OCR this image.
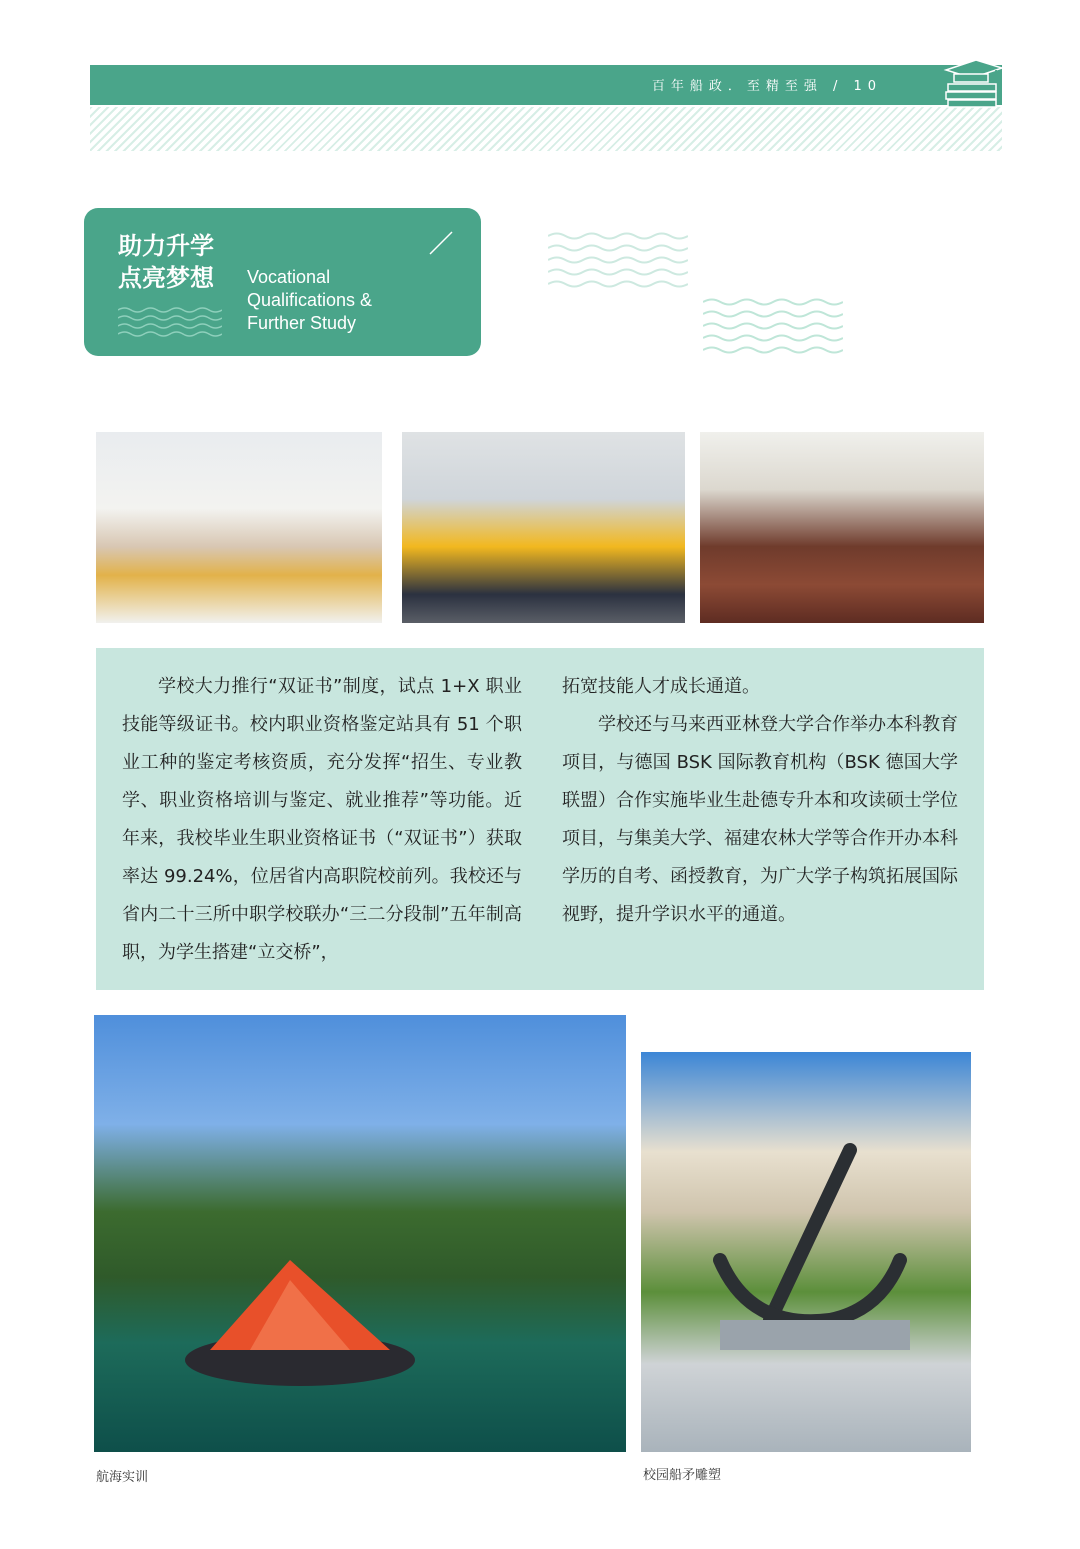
百年船政．至精至强 / 10
助力升学
点亮梦想 Vocational
Qualifications &
Further Study

学校大力推行“双证书”制度，试点 1+X 职业技能等级证书。校内职业资格鉴定站具有 51 个职业工种的鉴定考核资质，充分发挥“招生、专业教学、职业资格培训与鉴定、就业推荐”等功能。近年来，我校毕业生职业资格证书（“双证书”）获取率达 99.24%，位居省内高职院校前列。我校还与省内二十三所中职学校联办“三二分段制”五年制高职，为学生搭建“立交桥”，

拓宽技能人才成长通道。

学校还与马来西亚林登大学合作举办本科教育项目，与德国 BSK 国际教育机构（BSK 德国大学联盟）合作实施毕业生赴德专升本和攻读硕士学位项目，与集美大学、福建农林大学等合作开办本科学历的自考、函授教育，为广大学子构筑拓展国际视野，提升学识水平的通道。

航海实训	校园船矛雕塑
